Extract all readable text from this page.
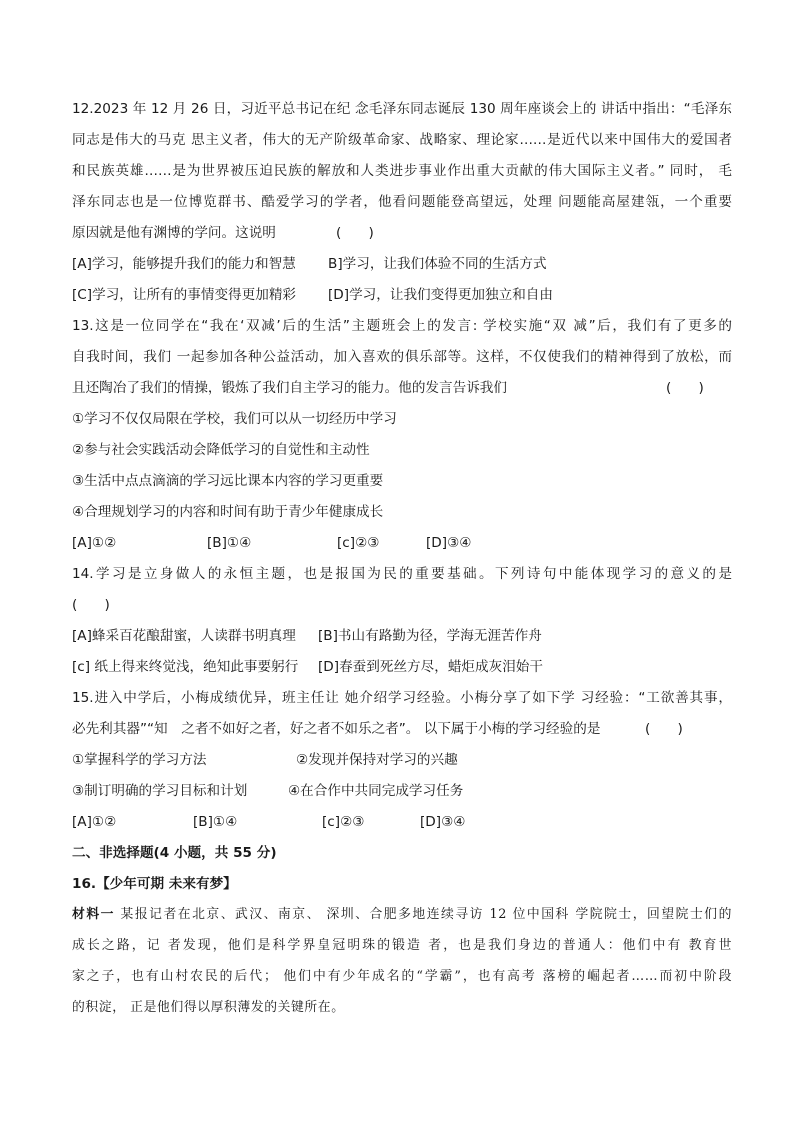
12.2023 年 12 月 26 日，习近平总书记在纪 念毛泽东同志诞辰 130 周年座谈会上的 讲话中指出：“毛泽东
同志是伟大的马克 思主义者，伟大的无产阶级革命家、战略家、理论家……是近代以来中国伟大的爱国者
和民族英雄……是为世界被压迫民族的解放和人类进步事业作出重大贡献的伟大国际主义者。” 同时， 毛
泽东同志也是一位博览群书、酷爱学习的学者，他看问题能登高望远，处理 问题能高屋建瓴，一个重要
原因就是他有渊博的学问。这说明	(　　)
[A]学习，能够提升我们的能力和智慧 B]学习，让我们体验不同的生活方式
[C]学习，让所有的事情变得更加精彩 [D]学习，让我们变得更加独立和自由
13.这是一位同学在“我在‘双减’后的生活”主题班会上的发言: 学校实施“双 减”后，我们有了更多的
自我时间，我们 一起参加各种公益活动，加入喜欢的俱乐部等。这样，不仅使我们的精神得到了放松，而
且还陶冶了我们的情操，锻炼了我们自主学习的能力。他的发言告诉我们	(　　)
①学习不仅仅局限在学校，我们可以从一切经历中学习
②参与社会实践活动会降低学习的自觉性和主动性
③生活中点点滴滴的学习远比课本内容的学习更重要
④合理规划学习的内容和时间有助于青少年健康成长
[A]①②	[B]①④	[c]②③	[D]③④
14.学习是立身做人的永恒主题，也是报国为民的重要基础。下列诗句中能体现学习的意义的是
(　　)
[A]蜂采百花酿甜蜜，人读群书明真理 [B]书山有路勤为径，学海无涯苦作舟
[c] 纸上得来终觉浅，绝知此事要躬行 [D]春蚕到死丝方尽，蜡炬成灰泪始干
15.进入中学后，小梅成绩优异，班主任让 她介绍学习经验。小梅分享了如下学 习经验：“工欲善其事，
必先利其器”“知　之者不如好之者，好之者不如乐之者”。 以下属于小梅的学习经验的是	(　　)
①掌握科学的学习方法	②发现并保持对学习的兴趣
③制订明确的学习目标和计划	④在合作中共同完成学习任务
[A]①②	[B]①④	[c]②③	[D]③④
二、非选择题(4 小题，共 55 分)
16.【少年可期 未来有梦】
材料一 某报记者在北京、武汉、南京、 深圳、合肥多地连续寻访 12 位中国科 学院院士，回望院士们的
成长之路，记 者发现，他们是科学界皇冠明珠的锻造 者，也是我们身边的普通人：他们中有 教育世
家之子，也有山村农民的后代； 他们中有少年成名的“学霸”，也有高考 落榜的崛起者……而初中阶段
的积淀， 正是他们得以厚积薄发的关键所在。
